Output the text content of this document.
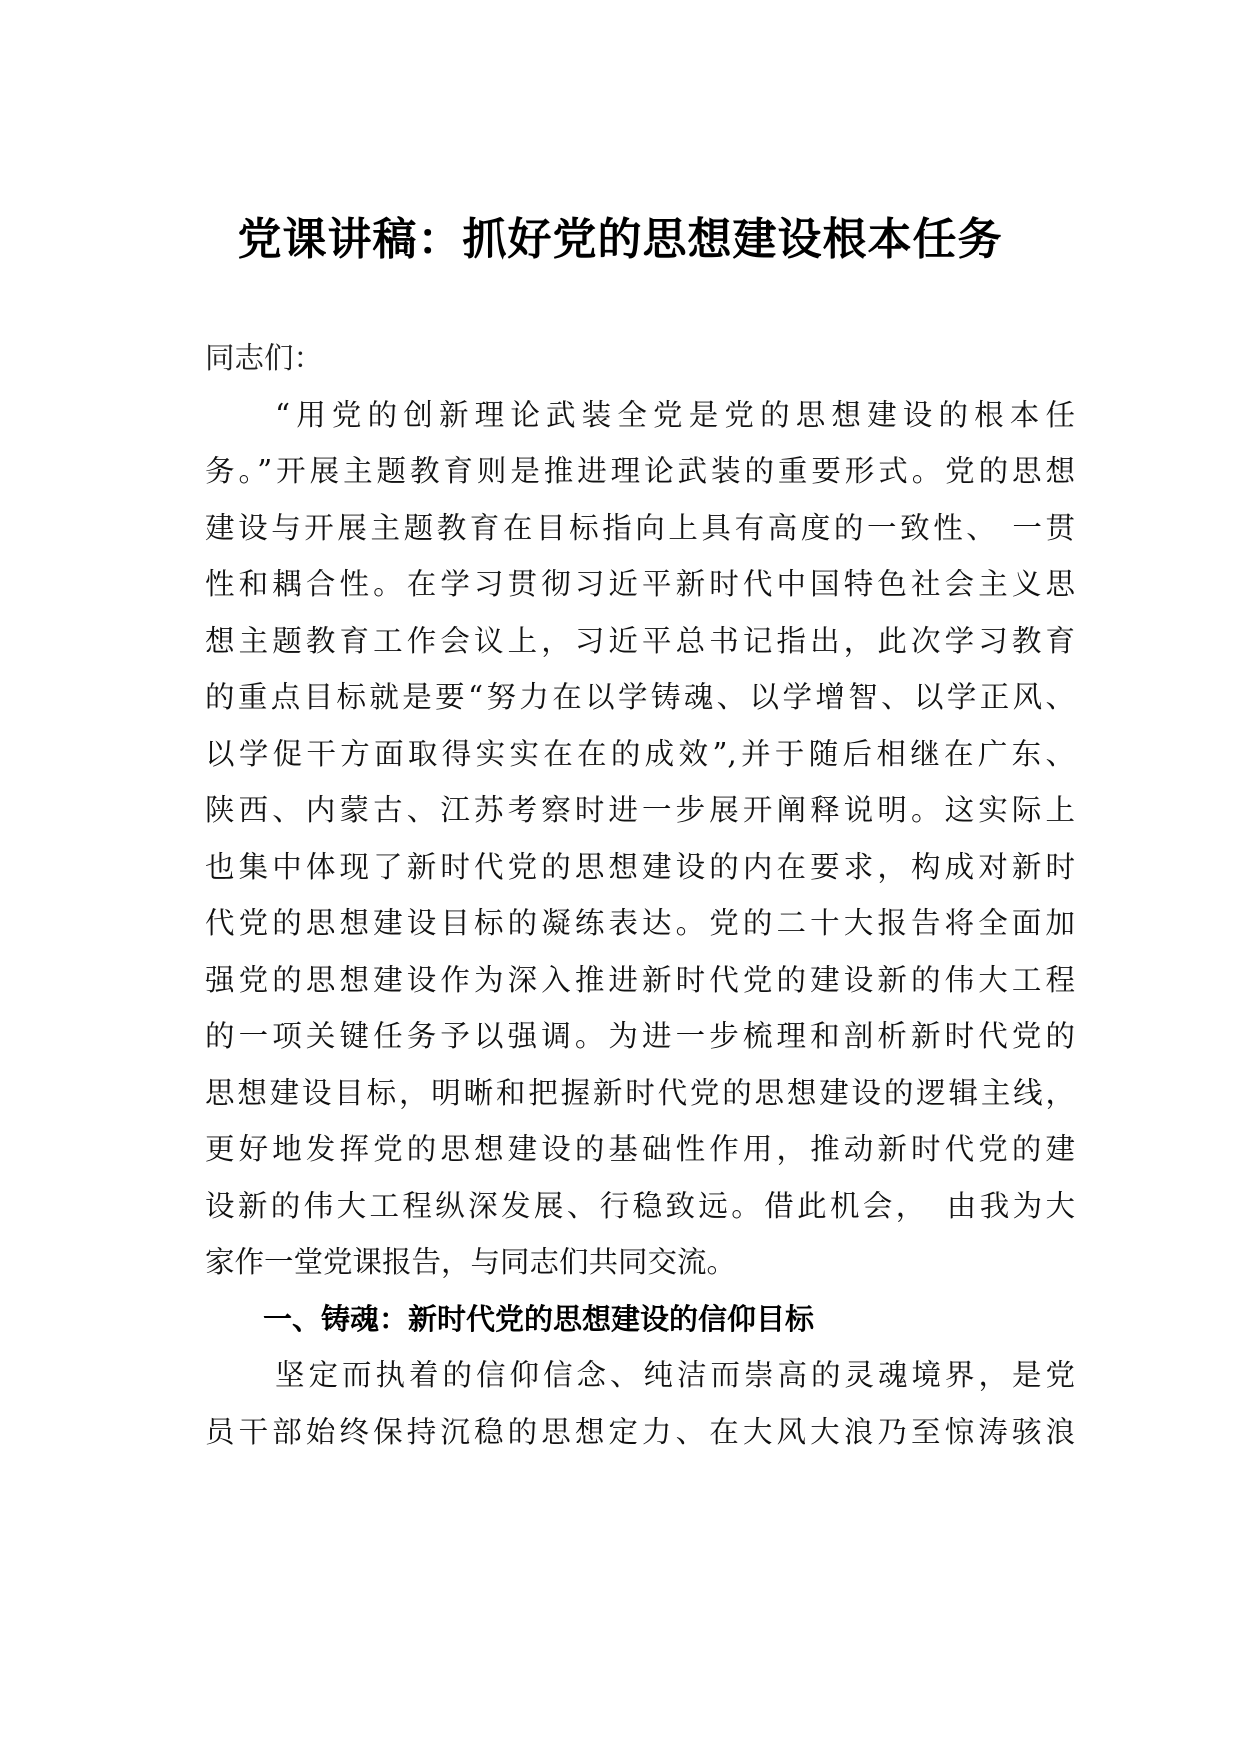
党课讲稿：抓好党的思想建设根本任务

同志们：

“用党的创新理论武装全党是党的思想建设的根本任
务。”开展主题教育则是推进理论武装的重要形式。党的思想
建设与开展主题教育在目标指向上具有高度的一致性、 一贯
性和耦合性。在学习贯彻习近平新时代中国特色社会主义思
想主题教育工作会议上，习近平总书记指出，此次学习教育
的重点目标就是要“努力在以学铸魂、以学增智、以学正风、
以学促干方面取得实实在在的成效”,并于随后相继在广东、
陕西、内蒙古、江苏考察时进一步展开阐释说明。这实际上
也集中体现了新时代党的思想建设的内在要求，构成对新时
代党的思想建设目标的凝练表达。党的二十大报告将全面加
强党的思想建设作为深入推进新时代党的建设新的伟大工程
的一项关键任务予以强调。为进一步梳理和剖析新时代党的
思想建设目标，明晰和把握新时代党的思想建设的逻辑主线，
更好地发挥党的思想建设的基础性作用，推动新时代党的建
设新的伟大工程纵深发展、行稳致远。借此机会，　由我为大
家作一堂党课报告，与同志们共同交流。
一、铸魂：新时代党的思想建设的信仰目标
坚定而执着的信仰信念、纯洁而崇高的灵魂境界，是党
员干部始终保持沉稳的思想定力、在大风大浪乃至惊涛骇浪
